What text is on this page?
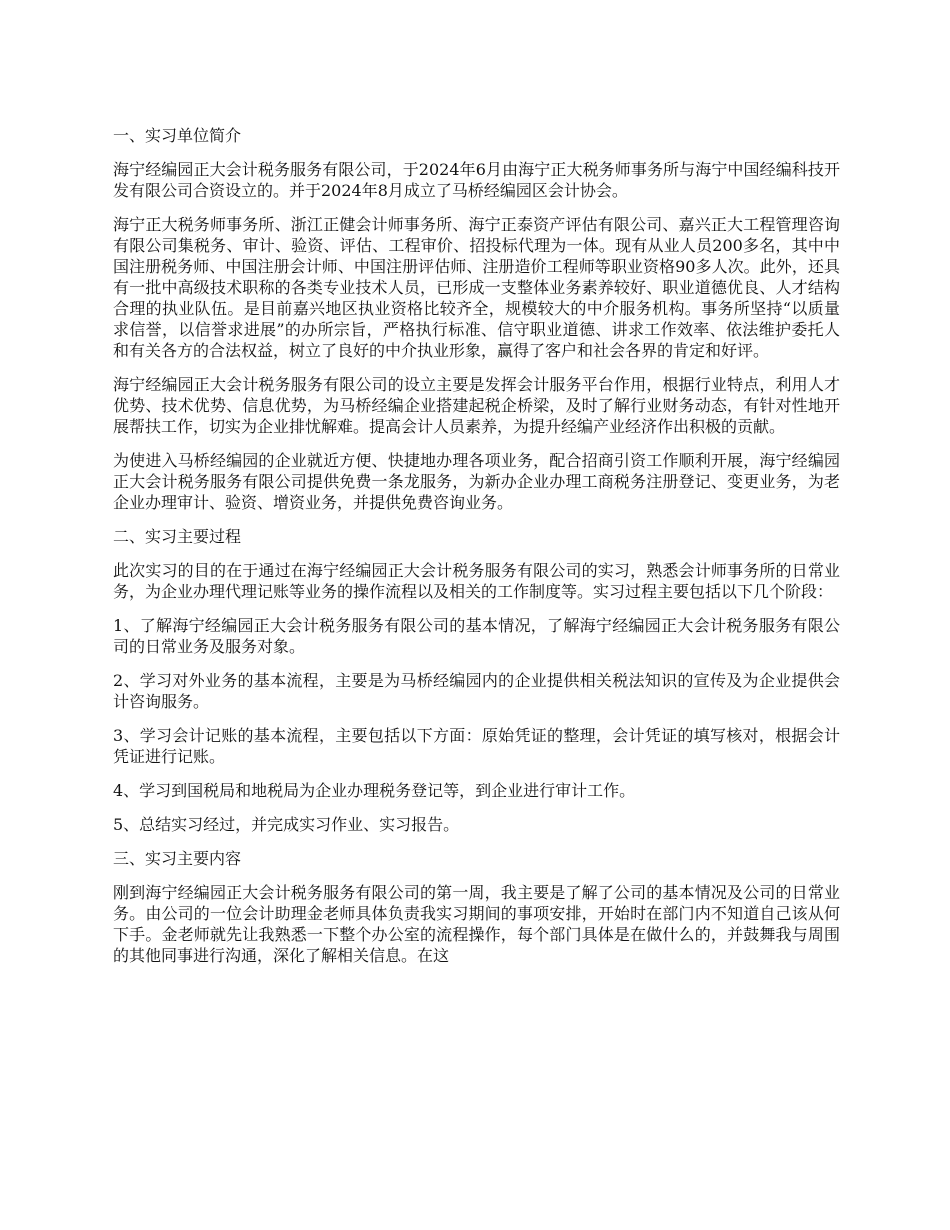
一、实习单位简介
海宁经编园正大会计税务服务有限公司，于2024年6月由海宁正大税务师事务所与海宁中国经编科技开发有限公司合资设立的。并于2024年8月成立了马桥经编园区会计协会。
海宁正大税务师事务所、浙江正健会计师事务所、海宁正泰资产评估有限公司、嘉兴正大工程管理咨询有限公司集税务、审计、验资、评估、工程审价、招投标代理为一体。现有从业人员200多名，其中中国注册税务师、中国注册会计师、中国注册评估师、注册造价工程师等职业资格90多人次。此外，还具有一批中高级技术职称的各类专业技术人员，已形成一支整体业务素养较好、职业道德优良、人才结构合理的执业队伍。是目前嘉兴地区执业资格比较齐全，规模较大的中介服务机构。事务所坚持“以质量求信誉，以信誉求进展”的办所宗旨，严格执行标准、信守职业道德、讲求工作效率、依法维护委托人和有关各方的合法权益，树立了良好的中介执业形象，赢得了客户和社会各界的肯定和好评。
海宁经编园正大会计税务服务有限公司的设立主要是发挥会计服务平台作用，根据行业特点，利用人才优势、技术优势、信息优势，为马桥经编企业搭建起税企桥梁，及时了解行业财务动态，有针对性地开展帮扶工作，切实为企业排忧解难。提高会计人员素养，为提升经编产业经济作出积极的贡献。
为使进入马桥经编园的企业就近方便、快捷地办理各项业务，配合招商引资工作顺利开展，海宁经编园正大会计税务服务有限公司提供免费一条龙服务，为新办企业办理工商税务注册登记、变更业务，为老企业办理审计、验资、增资业务，并提供免费咨询业务。
二、实习主要过程
此次实习的目的在于通过在海宁经编园正大会计税务服务有限公司的实习，熟悉会计师事务所的日常业务，为企业办理代理记账等业务的操作流程以及相关的工作制度等。实习过程主要包括以下几个阶段：
1、了解海宁经编园正大会计税务服务有限公司的基本情况，了解海宁经编园正大会计税务服务有限公司的日常业务及服务对象。
2、学习对外业务的基本流程，主要是为马桥经编园内的企业提供相关税法知识的宣传及为企业提供会计咨询服务。
3、学习会计记账的基本流程，主要包括以下方面：原始凭证的整理，会计凭证的填写核对，根据会计凭证进行记账。
4、学习到国税局和地税局为企业办理税务登记等，到企业进行审计工作。
5、总结实习经过，并完成实习作业、实习报告。
三、实习主要内容
刚到海宁经编园正大会计税务服务有限公司的第一周，我主要是了解了公司的基本情况及公司的日常业务。由公司的一位会计助理金老师具体负责我实习期间的事项安排，开始时在部门内不知道自己该从何下手。金老师就先让我熟悉一下整个办公室的流程操作，每个部门具体是在做什么的，并鼓舞我与周围的其他同事进行沟通，深化了解相关信息。在这
